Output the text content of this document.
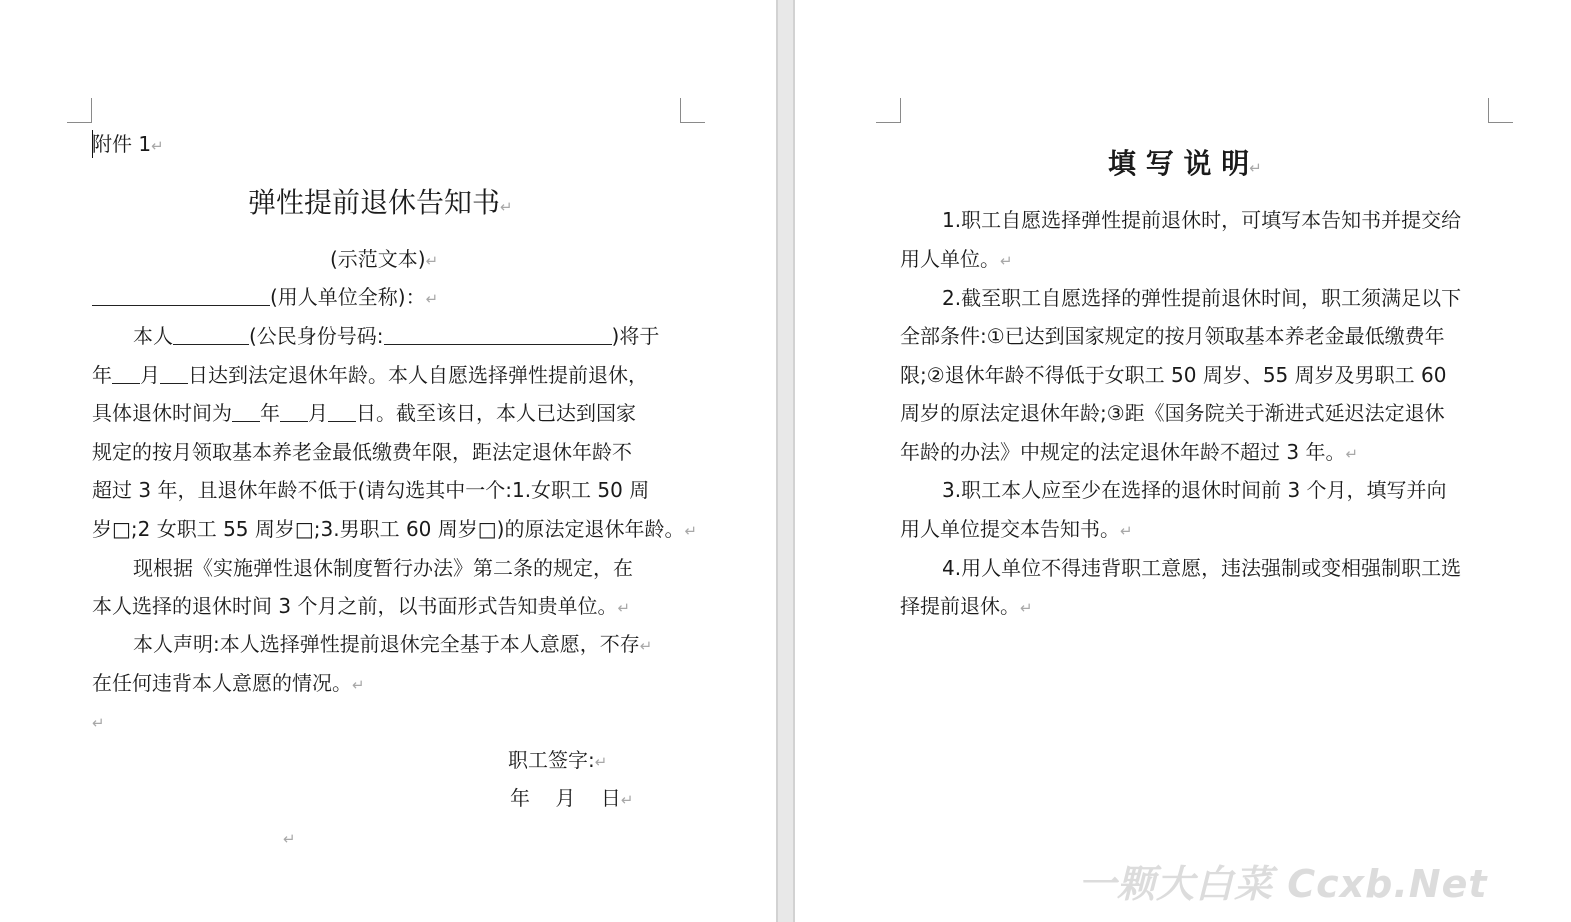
附件 1↵
弹性提前退休告知书↵
(示范文本)↵
(用人单位全称)：↵
本人	(公民身份号码:	)将于
年 月 日达到法定退休年龄。本人自愿选择弹性提前退休，
具体退休时间为 年 月 日。截至该日，本人已达到国家
规定的按月领取基本养老金最低缴费年限，距法定退休年龄不
超过 3 年，且退休年龄不低于(请勾选其中一个:1.女职工 50 周
岁□;2 女职工 55 周岁□;3.男职工 60 周岁□)的原法定退休年龄。↵
现根据《实施弹性退休制度暂行办法》第二条的规定，在
本人选择的退休时间 3 个月之前，以书面形式告知贵单位。↵
本人声明:本人选择弹性提前退休完全基于本人意愿，不存↵
在任何违背本人意愿的情况。↵
↵
职工签字:↵
年    月    日↵
↵
填 写 说 明↵
1.职工自愿选择弹性提前退休时，可填写本告知书并提交给
用人单位。↵
2.截至职工自愿选择的弹性提前退休时间，职工须满足以下
全部条件:①已达到国家规定的按月领取基本养老金最低缴费年
限;②退休年龄不得低于女职工 50 周岁、55 周岁及男职工 60
周岁的原法定退休年龄;③距《国务院关于渐进式延迟法定退休
年龄的办法》中规定的法定退休年龄不超过 3 年。↵
3.职工本人应至少在选择的退休时间前 3 个月，填写并向
用人单位提交本告知书。↵
4.用人单位不得违背职工意愿，违法强制或变相强制职工选
择提前退休。↵
一颗大白菜 Ccxb.Net
